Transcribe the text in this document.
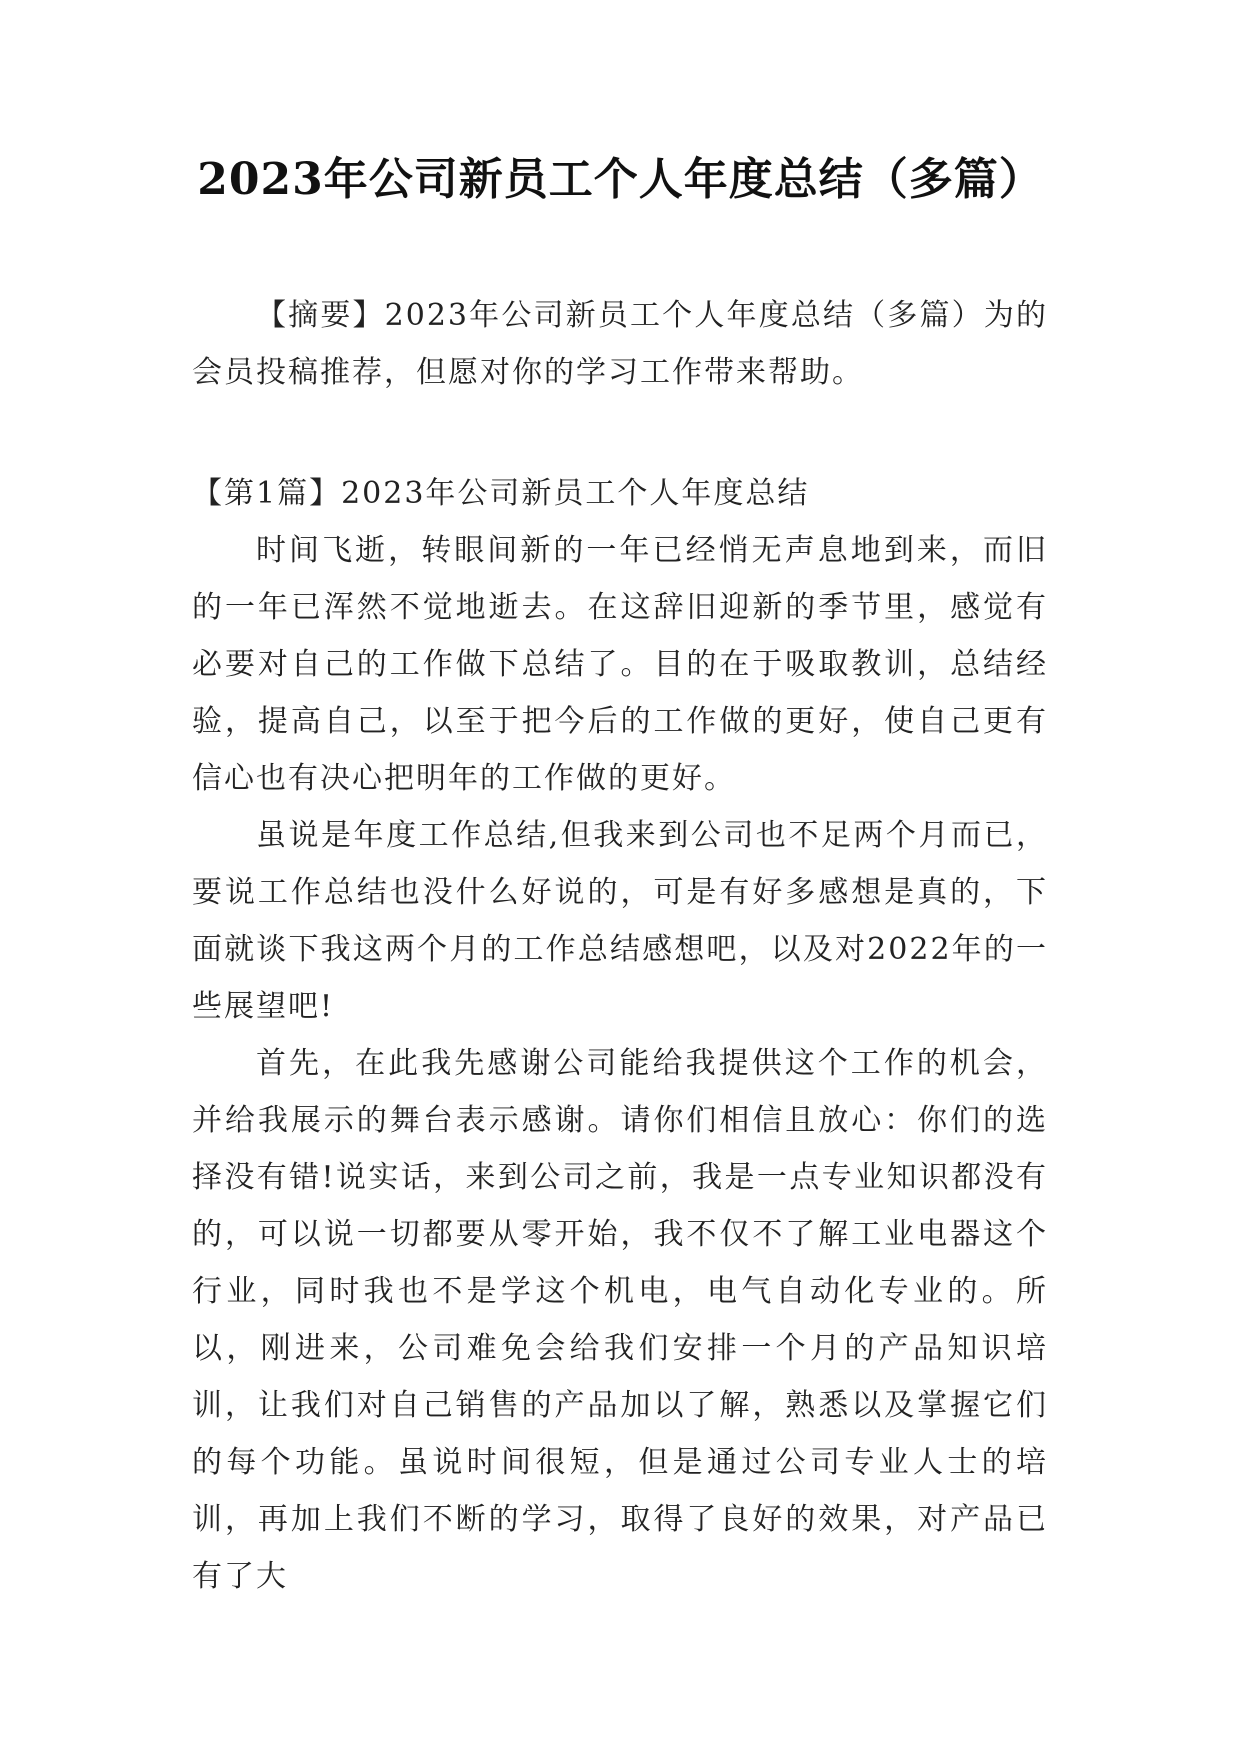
2023年公司新员工个人年度总结（多篇）

【摘要】2023年公司新员工个人年度总结（多篇）为的会员投稿推荐，但愿对你的学习工作带来帮助。

【第1篇】2023年公司新员工个人年度总结

时间飞逝，转眼间新的一年已经悄无声息地到来，而旧的一年已浑然不觉地逝去。在这辞旧迎新的季节里，感觉有必要对自己的工作做下总结了。目的在于吸取教训，总结经验，提高自己，以至于把今后的工作做的更好，使自己更有信心也有决心把明年的工作做的更好。

虽说是年度工作总结,但我来到公司也不足两个月而已，要说工作总结也没什么好说的，可是有好多感想是真的，下面就谈下我这两个月的工作总结感想吧，以及对2022年的一些展望吧!

首先，在此我先感谢公司能给我提供这个工作的机会，并给我展示的舞台表示感谢。请你们相信且放心：你们的选择没有错!说实话，来到公司之前，我是一点专业知识都没有的，可以说一切都要从零开始，我不仅不了解工业电器这个行业，同时我也不是学这个机电，电气自动化专业的。所以，刚进来，公司难免会给我们安排一个月的产品知识培训，让我们对自己销售的产品加以了解，熟悉以及掌握它们的每个功能。虽说时间很短，但是通过公司专业人士的培训，再加上我们不断的学习，取得了良好的效果，对产品已有了大
